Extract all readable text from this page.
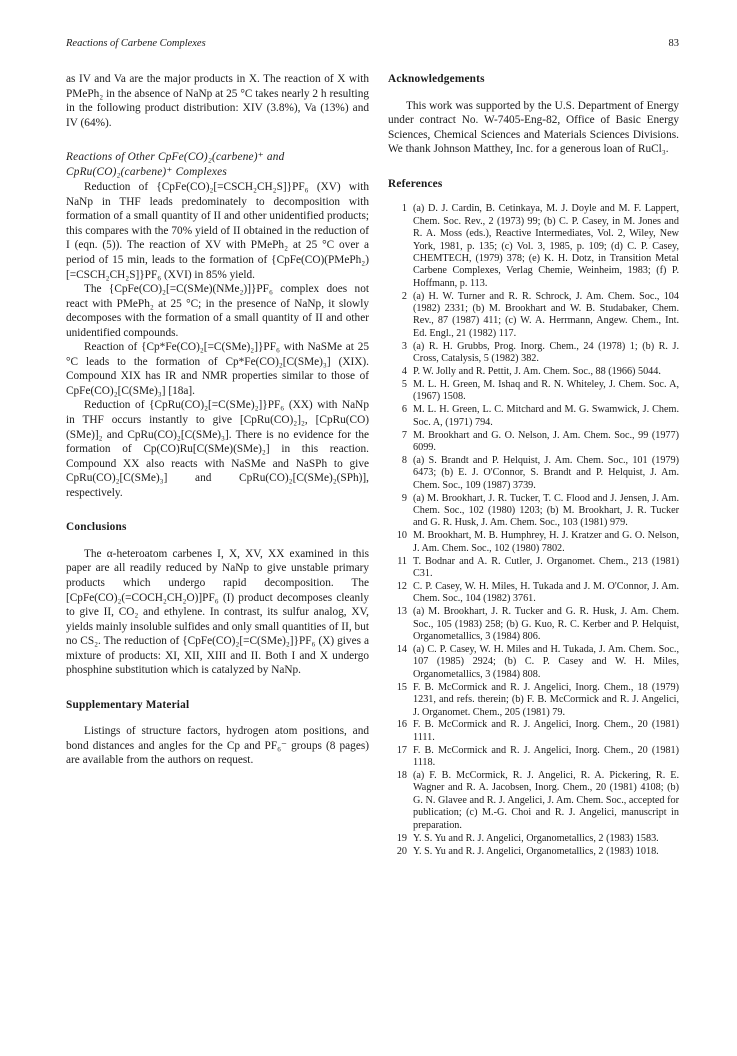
Reactions of Carbene Complexes	83

as IV and Va are the major products in X. The reaction of X with PMePh₂ in the absence of NaNp at 25 °C takes nearly 2 h resulting in the following product distribution: XIV (3.8%), Va (13%) and IV (64%).

Reactions of Other CpFe(CO)₂(carbene)⁺ and CpRu(CO)₂(carbene)⁺ Complexes

Reduction of {CpFe(CO)₂[=CSCH₂CH₂S]}PF₆ (XV) with NaNp in THF leads predominately to decomposition with formation of a small quantity of II and other unidentified products; this compares with the 70% yield of II obtained in the reduction of I (eqn. (5)). The reaction of XV with PMePh₂ at 25 °C over a period of 15 min, leads to the formation of {CpFe(CO)(PMePh₂)[=CSCH₂CH₂S]}PF₆ (XVI) in 85% yield.

The {CpFe(CO)₂[=C(SMe)(NMe₂)]}PF₆ complex does not react with PMePh₂ at 25 °C; in the presence of NaNp, it slowly decomposes with the formation of a small quantity of II and other unidentified compounds.

Reaction of {Cp*Fe(CO)₂[=C(SMe)₂]}PF₆ with NaSMe at 25 °C leads to the formation of Cp*Fe(CO)₂[C(SMe)₃] (XIX). Compound XIX has IR and NMR properties similar to those of CpFe(CO)₂[C(SMe)₃] [18a].

Reduction of {CpRu(CO)₂[=C(SMe)₂]}PF₆ (XX) with NaNp in THF occurs instantly to give [CpRu(CO)₂]₂, [CpRu(CO)(SMe)]₂ and CpRu(CO)₂[C(SMe)₃]. There is no evidence for the formation of Cp(CO)Ru[C(SMe)(SMe)₂] in this reaction. Compound XX also reacts with NaSMe and NaSPh to give CpRu(CO)₂[C(SMe)₃] and CpRu(CO)₂[C(SMe)₂(SPh)], respectively.

Conclusions

The α-heteroatom carbenes I, X, XV, XX examined in this paper are all readily reduced by NaNp to give unstable primary products which undergo rapid decomposition. The [CpFe(CO)₂(=COCH₂CH₂O)]PF₆ (I) product decomposes cleanly to give II, CO₂ and ethylene. In contrast, its sulfur analog, XV, yields mainly insoluble sulfides and only small quantities of II, but no CS₂. The reduction of {CpFe(CO)₂[=C(SMe)₂]}PF₆ (X) gives a mixture of products: XI, XII, XIII and II. Both I and X undergo phosphine substitution which is catalyzed by NaNp.

Supplementary Material

Listings of structure factors, hydrogen atom positions, and bond distances and angles for the Cp and PF₆⁻ groups (8 pages) are available from the authors on request.

Acknowledgements

This work was supported by the U.S. Department of Energy under contract No. W-7405-Eng-82, Office of Basic Energy Sciences, Chemical Sciences and Materials Sciences Divisions. We thank Johnson Matthey, Inc. for a generous loan of RuCl₃.

References
1 (a) D. J. Cardin, B. Cetinkaya, M. J. Doyle and M. F. Lappert, Chem. Soc. Rev., 2 (1973) 99; (b) C. P. Casey, in M. Jones and R. A. Moss (eds.), Reactive Intermediates, Vol. 2, Wiley, New York, 1981, p. 135; (c) Vol. 3, 1985, p. 109; (d) C. P. Casey, CHEMTECH, (1979) 378; (e) K. H. Dotz, in Transition Metal Carbene Complexes, Verlag Chemie, Weinheim, 1983; (f) P. Hoffmann, p. 113.
2 (a) H. W. Turner and R. R. Schrock, J. Am. Chem. Soc., 104 (1982) 2331; (b) M. Brookhart and W. B. Studabaker, Chem. Rev., 87 (1987) 411; (c) W. A. Herrmann, Angew. Chem., Int. Ed. Engl., 21 (1982) 117.
3 (a) R. H. Grubbs, Prog. Inorg. Chem., 24 (1978) 1; (b) R. J. Cross, Catalysis, 5 (1982) 382.
4 P. W. Jolly and R. Pettit, J. Am. Chem. Soc., 88 (1966) 5044.
5 M. L. H. Green, M. Ishaq and R. N. Whiteley, J. Chem. Soc. A, (1967) 1508.
6 M. L. H. Green, L. C. Mitchard and M. G. Swamwick, J. Chem. Soc. A, (1971) 794.
7 M. Brookhart and G. O. Nelson, J. Am. Chem. Soc., 99 (1977) 6099.
8 (a) S. Brandt and P. Helquist, J. Am. Chem. Soc., 101 (1979) 6473; (b) E. J. O'Connor, S. Brandt and P. Helquist, J. Am. Chem. Soc., 109 (1987) 3739.
9 (a) M. Brookhart, J. R. Tucker, T. C. Flood and J. Jensen, J. Am. Chem. Soc., 102 (1980) 1203; (b) M. Brookhart, J. R. Tucker and G. R. Husk, J. Am. Chem. Soc., 103 (1981) 979.
10 M. Brookhart, M. B. Humphrey, H. J. Kratzer and G. O. Nelson, J. Am. Chem. Soc., 102 (1980) 7802.
11 T. Bodnar and A. R. Cutler, J. Organomet. Chem., 213 (1981) C31.
12 C. P. Casey, W. H. Miles, H. Tukada and J. M. O'Connor, J. Am. Chem. Soc., 104 (1982) 3761.
13 (a) M. Brookhart, J. R. Tucker and G. R. Husk, J. Am. Chem. Soc., 105 (1983) 258; (b) G. Kuo, R. C. Kerber and P. Helquist, Organometallics, 3 (1984) 806.
14 (a) C. P. Casey, W. H. Miles and H. Tukada, J. Am. Chem. Soc., 107 (1985) 2924; (b) C. P. Casey and W. H. Miles, Organometallics, 3 (1984) 808.
15 F. B. McCormick and R. J. Angelici, Inorg. Chem., 18 (1979) 1231, and refs. therein; (b) F. B. McCormick and R. J. Angelici, J. Organomet. Chem., 205 (1981) 79.
16 F. B. McCormick and R. J. Angelici, Inorg. Chem., 20 (1981) 1111.
17 F. B. McCormick and R. J. Angelici, Inorg. Chem., 20 (1981) 1118.
18 (a) F. B. McCormick, R. J. Angelici, R. A. Pickering, R. E. Wagner and R. A. Jacobsen, Inorg. Chem., 20 (1981) 4108; (b) G. N. Glavee and R. J. Angelici, J. Am. Chem. Soc., accepted for publication; (c) M.-G. Choi and R. J. Angelici, manuscript in preparation.
19 Y. S. Yu and R. J. Angelici, Organometallics, 2 (1983) 1583.
20 Y. S. Yu and R. J. Angelici, Organometallics, 2 (1983) 1018.
